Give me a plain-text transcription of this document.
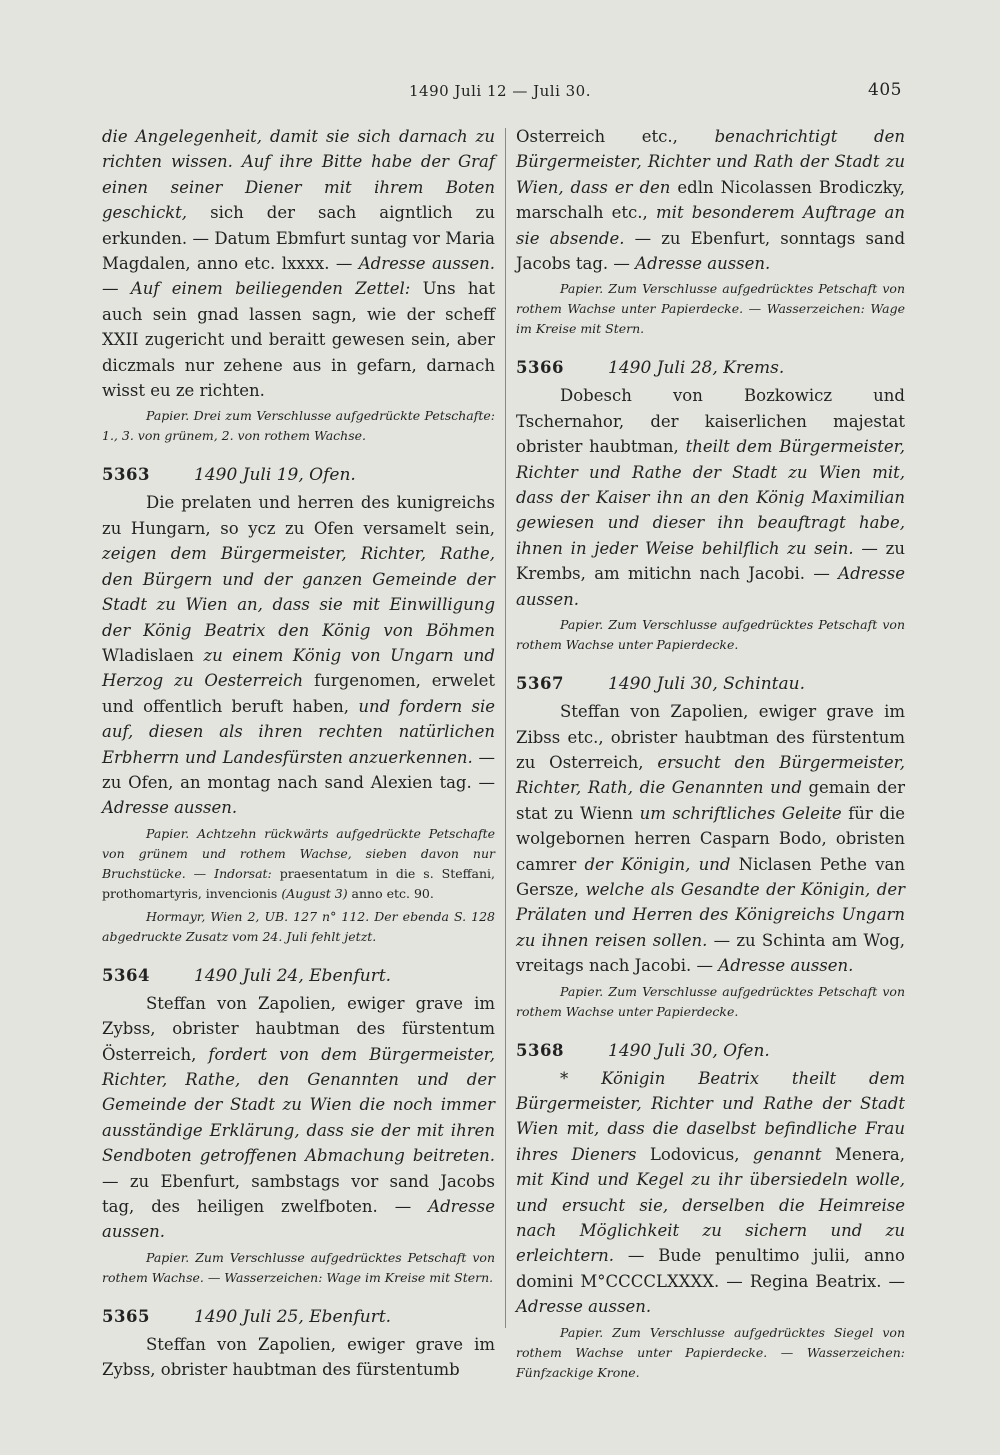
1490 Juli 12 — Juli 30.	405

die Angelegenheit, damit sie sich darnach zu richten wissen. Auf ihre Bitte habe der Graf einen seiner Diener mit ihrem Boten geschickt, sich der sach aigntlich zu erkunden. — Datum Ebmfurt suntag vor Maria Magdalen, anno etc. lxxxx. — Adresse aussen. — Auf einem beiliegenden Zettel: Uns hat auch sein gnad lassen sagn, wie der scheff XXII zugericht und beraitt gewesen sein, aber diczmals nur zehene aus in gefarn, darnach wisst eu ze richten.

Papier. Drei zum Verschlusse aufgedrückte Petschafte: 1., 3. von grünem, 2. von rothem Wachse.
5363	1490 Juli 19, Ofen.

Die prelaten und herren des kunigreichs zu Hungarn, so ycz zu Ofen versamelt sein, zeigen dem Bürgermeister, Richter, Rathe, den Bürgern und der ganzen Gemeinde der Stadt zu Wien an, dass sie mit Einwilligung der König Beatrix den König von Böhmen Wladislaen zu einem König von Ungarn und Herzog zu Oesterreich furgenomen, erwelet und offentlich beruft haben, und fordern sie auf, diesen als ihren rechten natürlichen Erbherrn und Landesfürsten anzuerkennen. — zu Ofen, an montag nach sand Alexien tag. — Adresse aussen.

Papier. Achtzehn rückwärts aufgedrückte Petschafte von grünem und rothem Wachse, sieben davon nur Bruchstücke. — Indorsat: praesentatum in die s. Steffani, prothomartyris, invencionis (August 3) anno etc. 90.
Hormayr, Wien 2, UB. 127 n° 112. Der ebenda S. 128 abgedruckte Zusatz vom 24. Juli fehlt jetzt.
5364	1490 Juli 24, Ebenfurt.

Steffan von Zapolien, ewiger grave im Zybss, obrister haubtman des fürstentum Österreich, fordert von dem Bürgermeister, Richter, Rathe, den Genannten und der Gemeinde der Stadt zu Wien die noch immer ausständige Erklärung, dass sie der mit ihren Sendboten getroffenen Abmachung beitreten. — zu Ebenfurt, sambstags vor sand Jacobs tag, des heiligen zwelfboten. — Adresse aussen.

Papier. Zum Verschlusse aufgedrücktes Petschaft von rothem Wachse. — Wasserzeichen: Wage im Kreise mit Stern.
5365	1490 Juli 25, Ebenfurt.

Steffan von Zapolien, ewiger grave im Zybss, obrister haubtman des fürstentumb

Osterreich etc., benachrichtigt den Bürgermeister, Richter und Rath der Stadt zu Wien, dass er den edln Nicolassen Brodiczky, marschalh etc., mit besonderem Auftrage an sie absende. — zu Ebenfurt, sonntags sand Jacobs tag. — Adresse aussen.

Papier. Zum Verschlusse aufgedrücktes Petschaft von rothem Wachse unter Papierdecke. — Wasserzeichen: Wage im Kreise mit Stern.
5366	1490 Juli 28, Krems.

Dobesch von Bozkowicz und Tschernahor, der kaiserlichen majestat obrister haubtman, theilt dem Bürgermeister, Richter und Rathe der Stadt zu Wien mit, dass der Kaiser ihn an den König Maximilian gewiesen und dieser ihn beauftragt habe, ihnen in jeder Weise behilflich zu sein. — zu Krembs, am mitichn nach Jacobi. — Adresse aussen.

Papier. Zum Verschlusse aufgedrücktes Petschaft von rothem Wachse unter Papierdecke.
5367	1490 Juli 30, Schintau.

Steffan von Zapolien, ewiger grave im Zibss etc., obrister haubtman des fürstentum zu Osterreich, ersucht den Bürgermeister, Richter, Rath, die Genannten und gemain der stat zu Wienn um schriftliches Geleite für die wolgebornen herren Casparn Bodo, obristen camrer der Königin, und Niclasen Pethe van Gersze, welche als Gesandte der Königin, der Prälaten und Herren des Königreichs Ungarn zu ihnen reisen sollen. — zu Schinta am Wog, vreitags nach Jacobi. — Adresse aussen.

Papier. Zum Verschlusse aufgedrücktes Petschaft von rothem Wachse unter Papierdecke.
5368	1490 Juli 30, Ofen.

* Königin Beatrix theilt dem Bürgermeister, Richter und Rathe der Stadt Wien mit, dass die daselbst befindliche Frau ihres Dieners Lodovicus, genannt Menera, mit Kind und Kegel zu ihr übersiedeln wolle, und ersucht sie, derselben die Heimreise nach Möglichkeit zu sichern und zu erleichtern. — Bude penultimo julii, anno domini M°CCCCLXXXX. — Regina Beatrix. — Adresse aussen.

Papier. Zum Verschlusse aufgedrücktes Siegel von rothem Wachse unter Papierdecke. — Wasserzeichen: Fünfzackige Krone.
